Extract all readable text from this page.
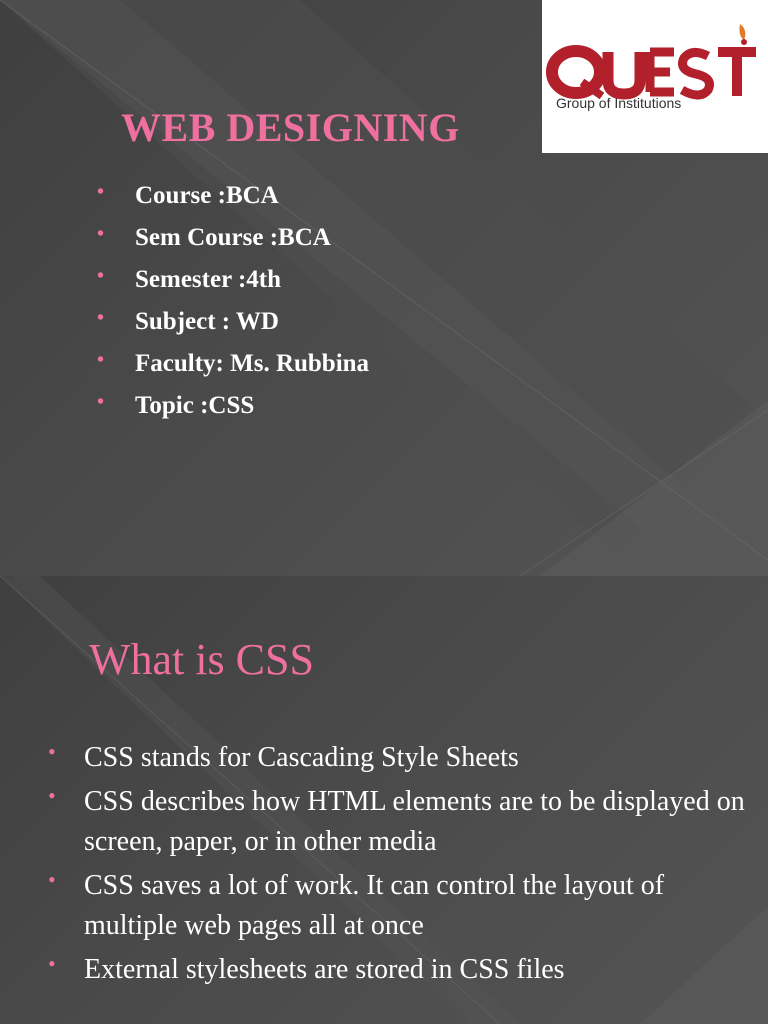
Group of Institutions
WEB DESIGNING
• Course :BCA
• Sem Course :BCA
• Semester :4th
• Subject : WD
• Faculty: Ms. Rubbina
• Topic :CSS
What is CSS
• CSS stands for Cascading Style Sheets
• CSS describes how HTML elements are to be displayed on screen, paper, or in other media
• CSS saves a lot of work. It can control the layout of multiple web pages all at once
• External stylesheets are stored in CSS files
